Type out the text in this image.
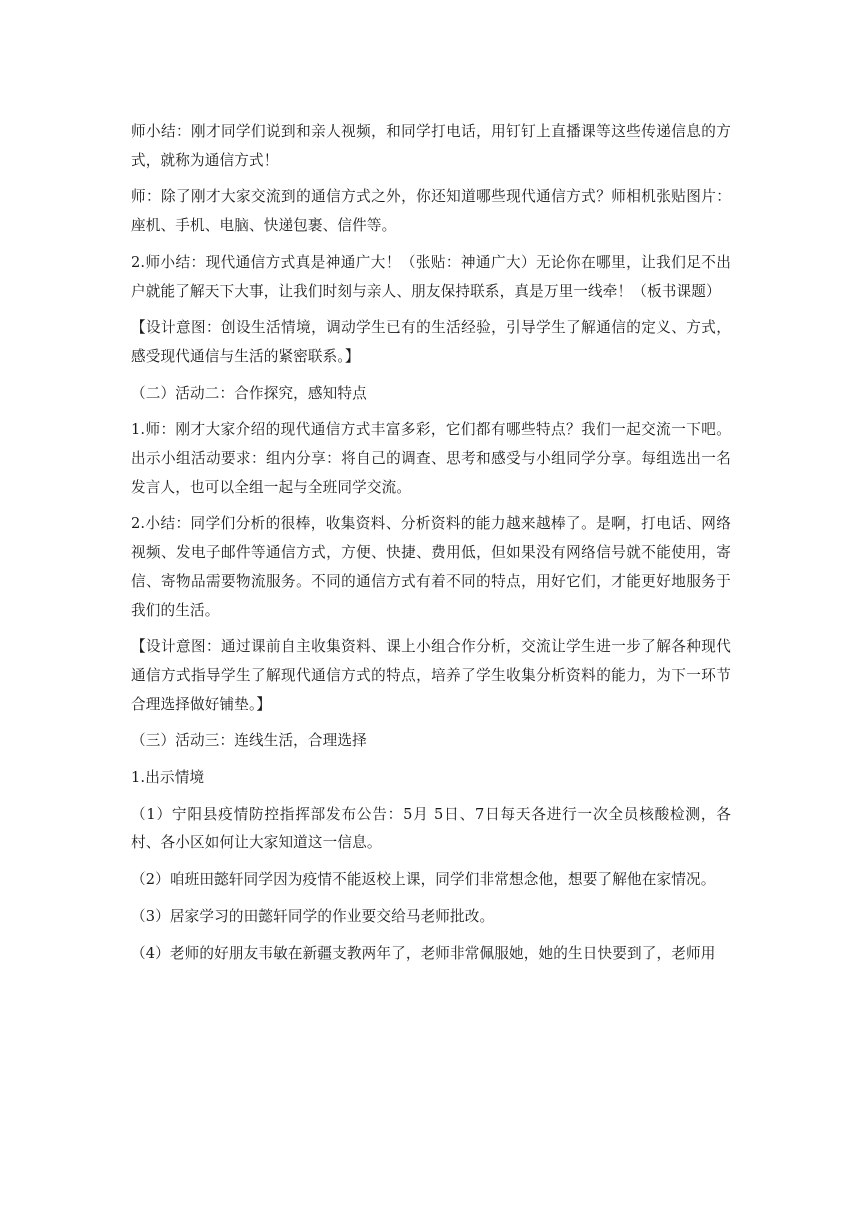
师小结：刚才同学们说到和亲人视频，和同学打电话，用钉钉上直播课等这些传递信息的方式，就称为通信方式！

师：除了刚才大家交流到的通信方式之外，你还知道哪些现代通信方式？师相机张贴图片：座机、手机、电脑、快递包裹、信件等。

2.师小结：现代通信方式真是神通广大！（张贴：神通广大）无论你在哪里，让我们足不出户就能了解天下大事，让我们时刻与亲人、朋友保持联系，真是万里一线牵！（板书课题）

【设计意图：创设生活情境，调动学生已有的生活经验，引导学生了解通信的定义、方式，感受现代通信与生活的紧密联系。】

（二）活动二：合作探究，感知特点

1.师：刚才大家介绍的现代通信方式丰富多彩，它们都有哪些特点？我们一起交流一下吧。出示小组活动要求：组内分享：将自己的调查、思考和感受与小组同学分享。每组选出一名发言人，也可以全组一起与全班同学交流。

2.小结：同学们分析的很棒，收集资料、分析资料的能力越来越棒了。是啊，打电话、网络视频、发电子邮件等通信方式，方便、快捷、费用低，但如果没有网络信号就不能使用，寄信、寄物品需要物流服务。不同的通信方式有着不同的特点，用好它们，才能更好地服务于我们的生活。

【设计意图：通过课前自主收集资料、课上小组合作分析，交流让学生进一步了解各种现代通信方式指导学生了解现代通信方式的特点，培养了学生收集分析资料的能力，为下一环节合理选择做好铺垫。】

（三）活动三：连线生活，合理选择

1.出示情境

（1）宁阳县疫情防控指挥部发布公告：5月 5日、7日每天各进行一次全员核酸检测，各村、各小区如何让大家知道这一信息。

（2）咱班田懿轩同学因为疫情不能返校上课，同学们非常想念他，想要了解他在家情况。

（3）居家学习的田懿轩同学的作业要交给马老师批改。

（4）老师的好朋友韦敏在新疆支教两年了，老师非常佩服她，她的生日快要到了，老师用
